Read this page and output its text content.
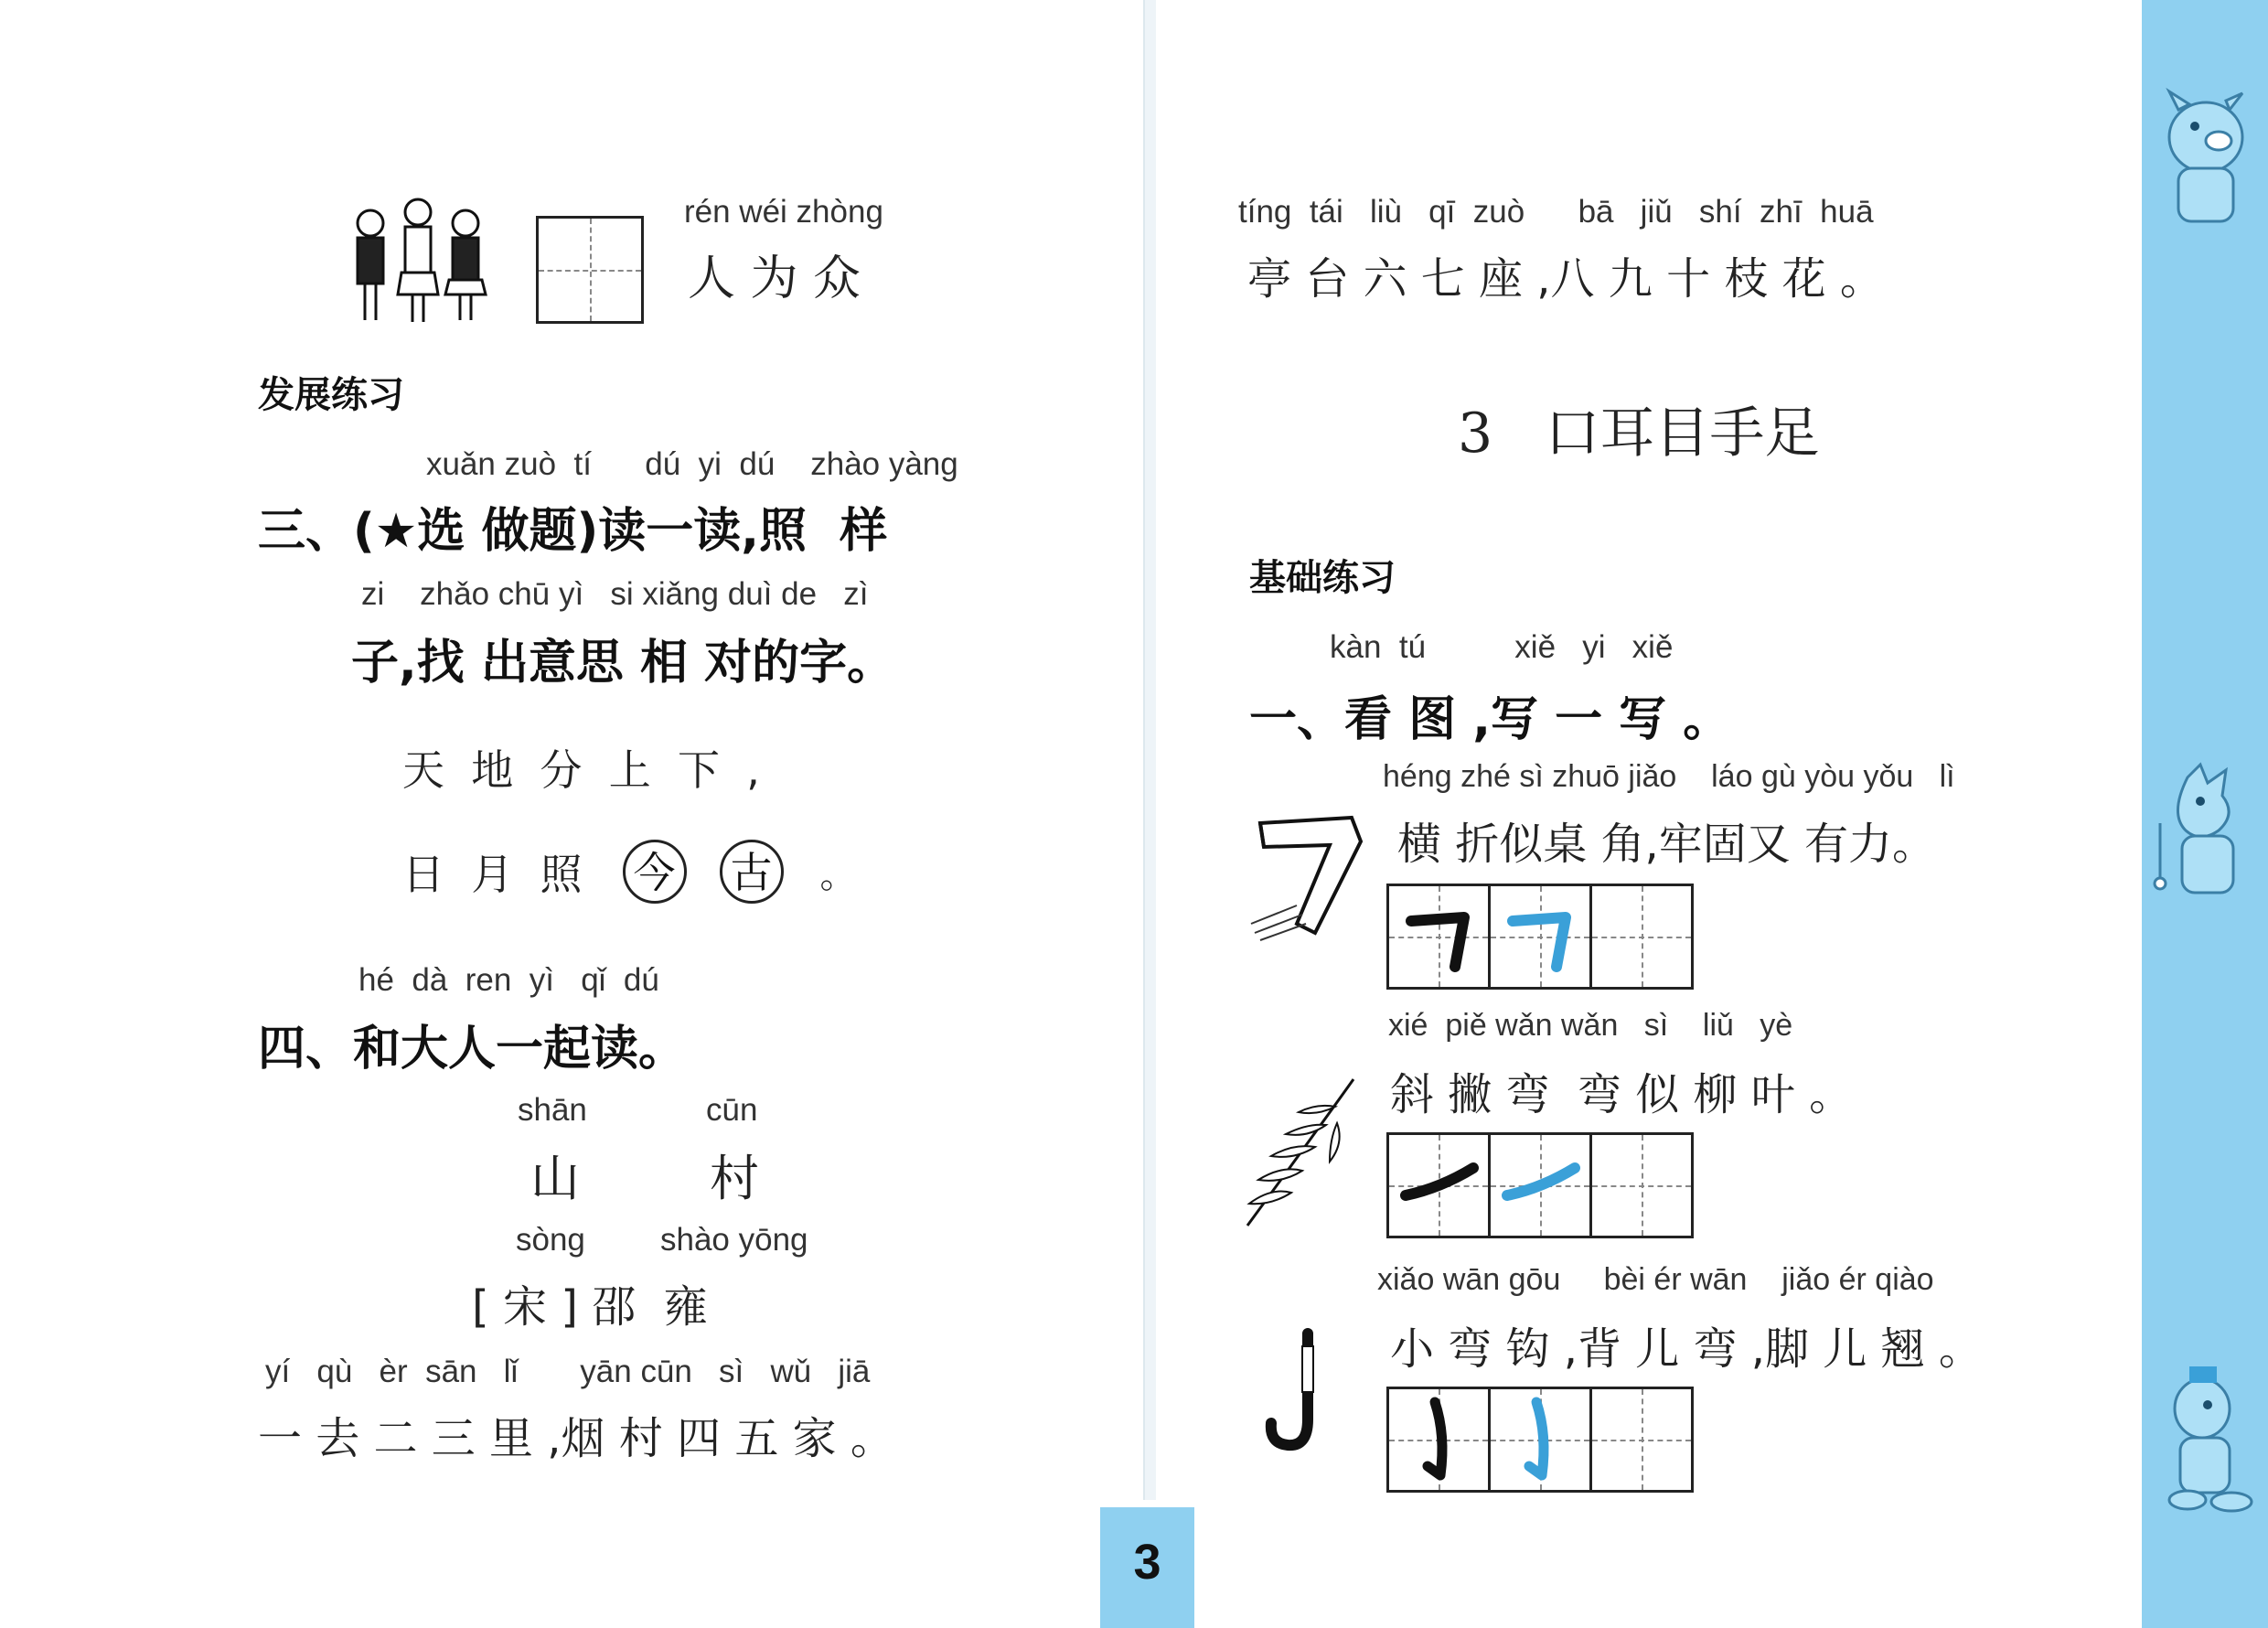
rén wéi zhòng
人 为 众
发展练习
xuǎn zuò  tí      dú  yi  dú    zhào yàng
三、(★选 做题)读一读,照  样
zi    zhǎo chū yì   si xiǎng duì de   zì
子,找 出意思 相 对的字。
天  地  分  上  下  ,
日  月  照 今 古	。
hé  dà  ren  yì   qǐ  dú
四、和大人一起读。
shān	cūn
山	村
sòng shào yōng
[ 宋 ] 邵  雍
yí   qù   èr  sān   lǐ       yān cūn   sì   wǔ   jiā
一 去 二 三 里 ,烟 村 四 五 家 。
tíng  tái   liù   qī  zuò      bā   jiǔ   shí  zhī  huā
亭 台 六 七 座 ,八 九 十 枝 花 。
3   口耳目手足
基础练习
kàn  tú          xiě   yi   xiě
一、看 图 ,写 一 写 。
héng zhé sì zhuō jiǎo    láo gù yòu yǒu   lì
横 折似桌 角,牢固又 有力。
xié  piě wǎn wǎn   sì    liǔ   yè
斜 撇 弯  弯 似 柳 叶 。
xiǎo wān gōu     bèi ér wān    jiǎo ér qiào
小 弯 钩 ,背 儿 弯 ,脚 儿 翘 。
3
